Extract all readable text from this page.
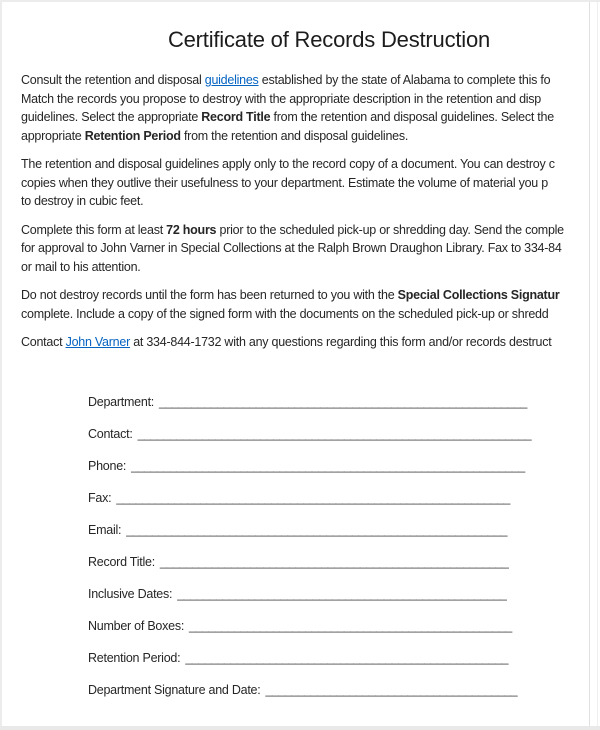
Certificate of Records Destruction
Consult the retention and disposal guidelines established by the state of Alabama to complete this fo
Match the records you propose to destroy with the appropriate description in the retention and disp
guidelines. Select the appropriate Record Title from the retention and disposal guidelines. Select the
appropriate Retention Period from the retention and disposal guidelines.
The retention and disposal guidelines apply only to the record copy of a document. You can destroy c
copies when they outlive their usefulness to your department. Estimate the volume of material you p
to destroy in cubic feet.
Complete this form at least 72 hours prior to the scheduled pick-up or shredding day. Send the comple
for approval to John Varner in Special Collections at the Ralph Brown Draughon Library. Fax to 334-84
or mail to his attention.
Do not destroy records until the form has been returned to you with the Special Collections Signatur
complete. Include a copy of the signed form with the documents on the scheduled pick-up or shredd
Contact John Varner at 334-844-1732 with any questions regarding this form and/or records destruct
Department: _________________________________________________________
Contact: _____________________________________________________________
Phone: _____________________________________________________________
Fax: _____________________________________________________________
Email: ___________________________________________________________
Record Title: ______________________________________________________
Inclusive Dates: ___________________________________________________
Number of Boxes: __________________________________________________
Retention Period: __________________________________________________
Department Signature and Date: _______________________________________
